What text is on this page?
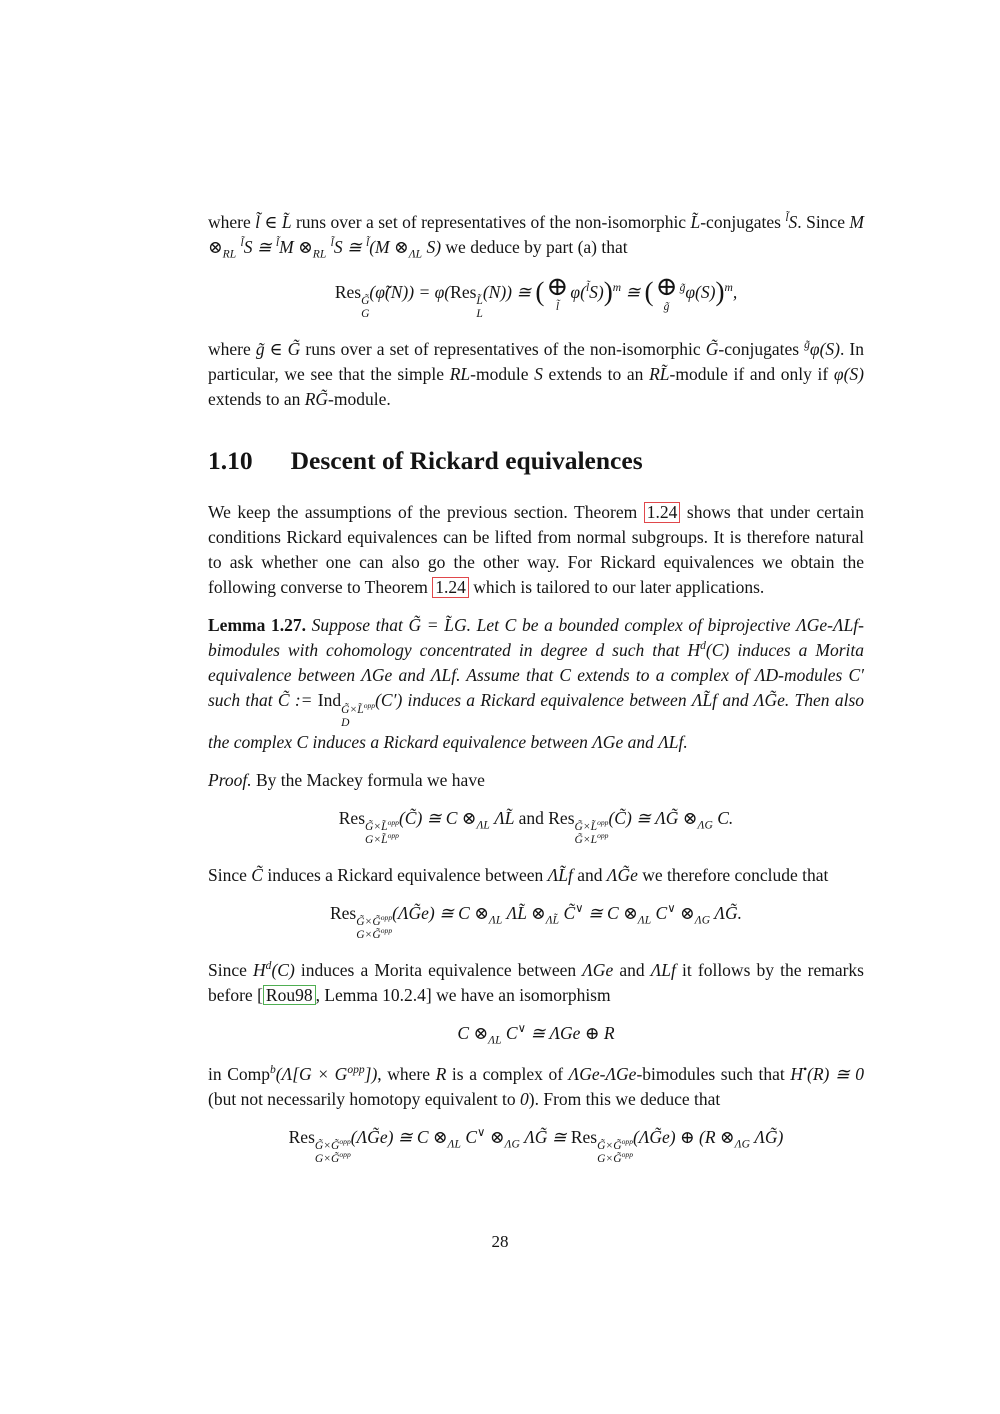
where l̃ ∈ L̃ runs over a set of representatives of the non-isomorphic L̃-conjugates $^{l̃}$S. Since M $\otimes_{RL}$ $^{l̃}$S ≅ $^{l̃}$M $\otimes_{RL}$ $^{l̃}$S ≅ $^{l̃}$(M $\otimes_{\Lambda L}$ S) we deduce by part (a) that

Res G̃
G
(φ̃(N)) = φ(Res L̃
L
(N)) ≅ ( ⊕
l̃
φ($^{l̃}$S))$^m$ ≅ ( ⊕
g̃
$^{g̃}$φ(S))$^m$,

where g̃ ∈ G̃ runs over a set of representatives of the non-isomorphic G̃-conjugates $^{g̃}$φ(S). In particular, we see that the simple RL-module S extends to an RL̃-module if and only if φ(S) extends to an RG̃-module.

1.10 Descent of Rickard equivalences

We keep the assumptions of the previous section. Theorem 1.24 shows that under certain conditions Rickard equivalences can be lifted from normal subgroups. It is therefore natural to ask whether one can also go the other way. For Rickard equivalences we obtain the following converse to Theorem 1.24 which is tailored to our later applications.

Lemma 1.27. Suppose that G̃ = L̃G. Let C be a bounded complex of biprojective ΛGe-ΛLf-bimodules with cohomology concentrated in degree d such that $H^d(C)$ induces a Morita equivalence between ΛGe and ΛLf. Assume that C extends to a complex of ΛD-modules C′ such that C̃ := Ind G̃×L̃$^{opp}$
D
(C′) induces a Rickard equivalence between ΛL̃f and ΛG̃e. Then also the complex C induces a Rickard equivalence between ΛGe and ΛLf.

Proof. By the Mackey formula we have

Res G̃×L̃$^{opp}$
G×L̃$^{opp}$
(C̃) ≅ C $\otimes_{\Lambda L}$ ΛL̃ and Res G̃×L̃$^{opp}$
$G̃\times L^{opp}$
(C̃) ≅ ΛG̃ $\otimes_{\Lambda G}$ C.

Since C̃ induces a Rickard equivalence between ΛL̃f and ΛG̃e we therefore conclude that

Res G̃×G̃$^{opp}$
G×G̃$^{opp}$
(ΛG̃e) ≅ C $\otimes_{\Lambda L}$ ΛL̃ $\otimes_{\Lambda L̃}$ C̃∨ ≅ C $\otimes_{\Lambda L}$ C∨ $\otimes_{\Lambda G}$ ΛG̃.

Since $H^d(C)$ induces a Morita equivalence between ΛGe and ΛLf it follows by the remarks before [ Rou98 , Lemma 10.2.4] we have an isomorphism

C $\otimes_{\Lambda L}$ C∨ ≅ ΛGe ⊕ R

in Comp$^b$(Λ[G × $G^{opp}$]), where R is a complex of ΛGe-ΛGe-bimodules such that H•(R) ≅ 0 (but not necessarily homotopy equivalent to 0). From this we deduce that

Res G̃×G̃$^{opp}$
G×G̃$^{opp}$
(ΛG̃e) ≅ C $\otimes_{\Lambda L}$ C∨ $\otimes_{\Lambda G}$ ΛG̃ ≅ Res G̃×G̃$^{opp}$
G×G̃$^{opp}$
(ΛG̃e) ⊕ (R $\otimes_{\Lambda G}$ ΛG̃)
28
